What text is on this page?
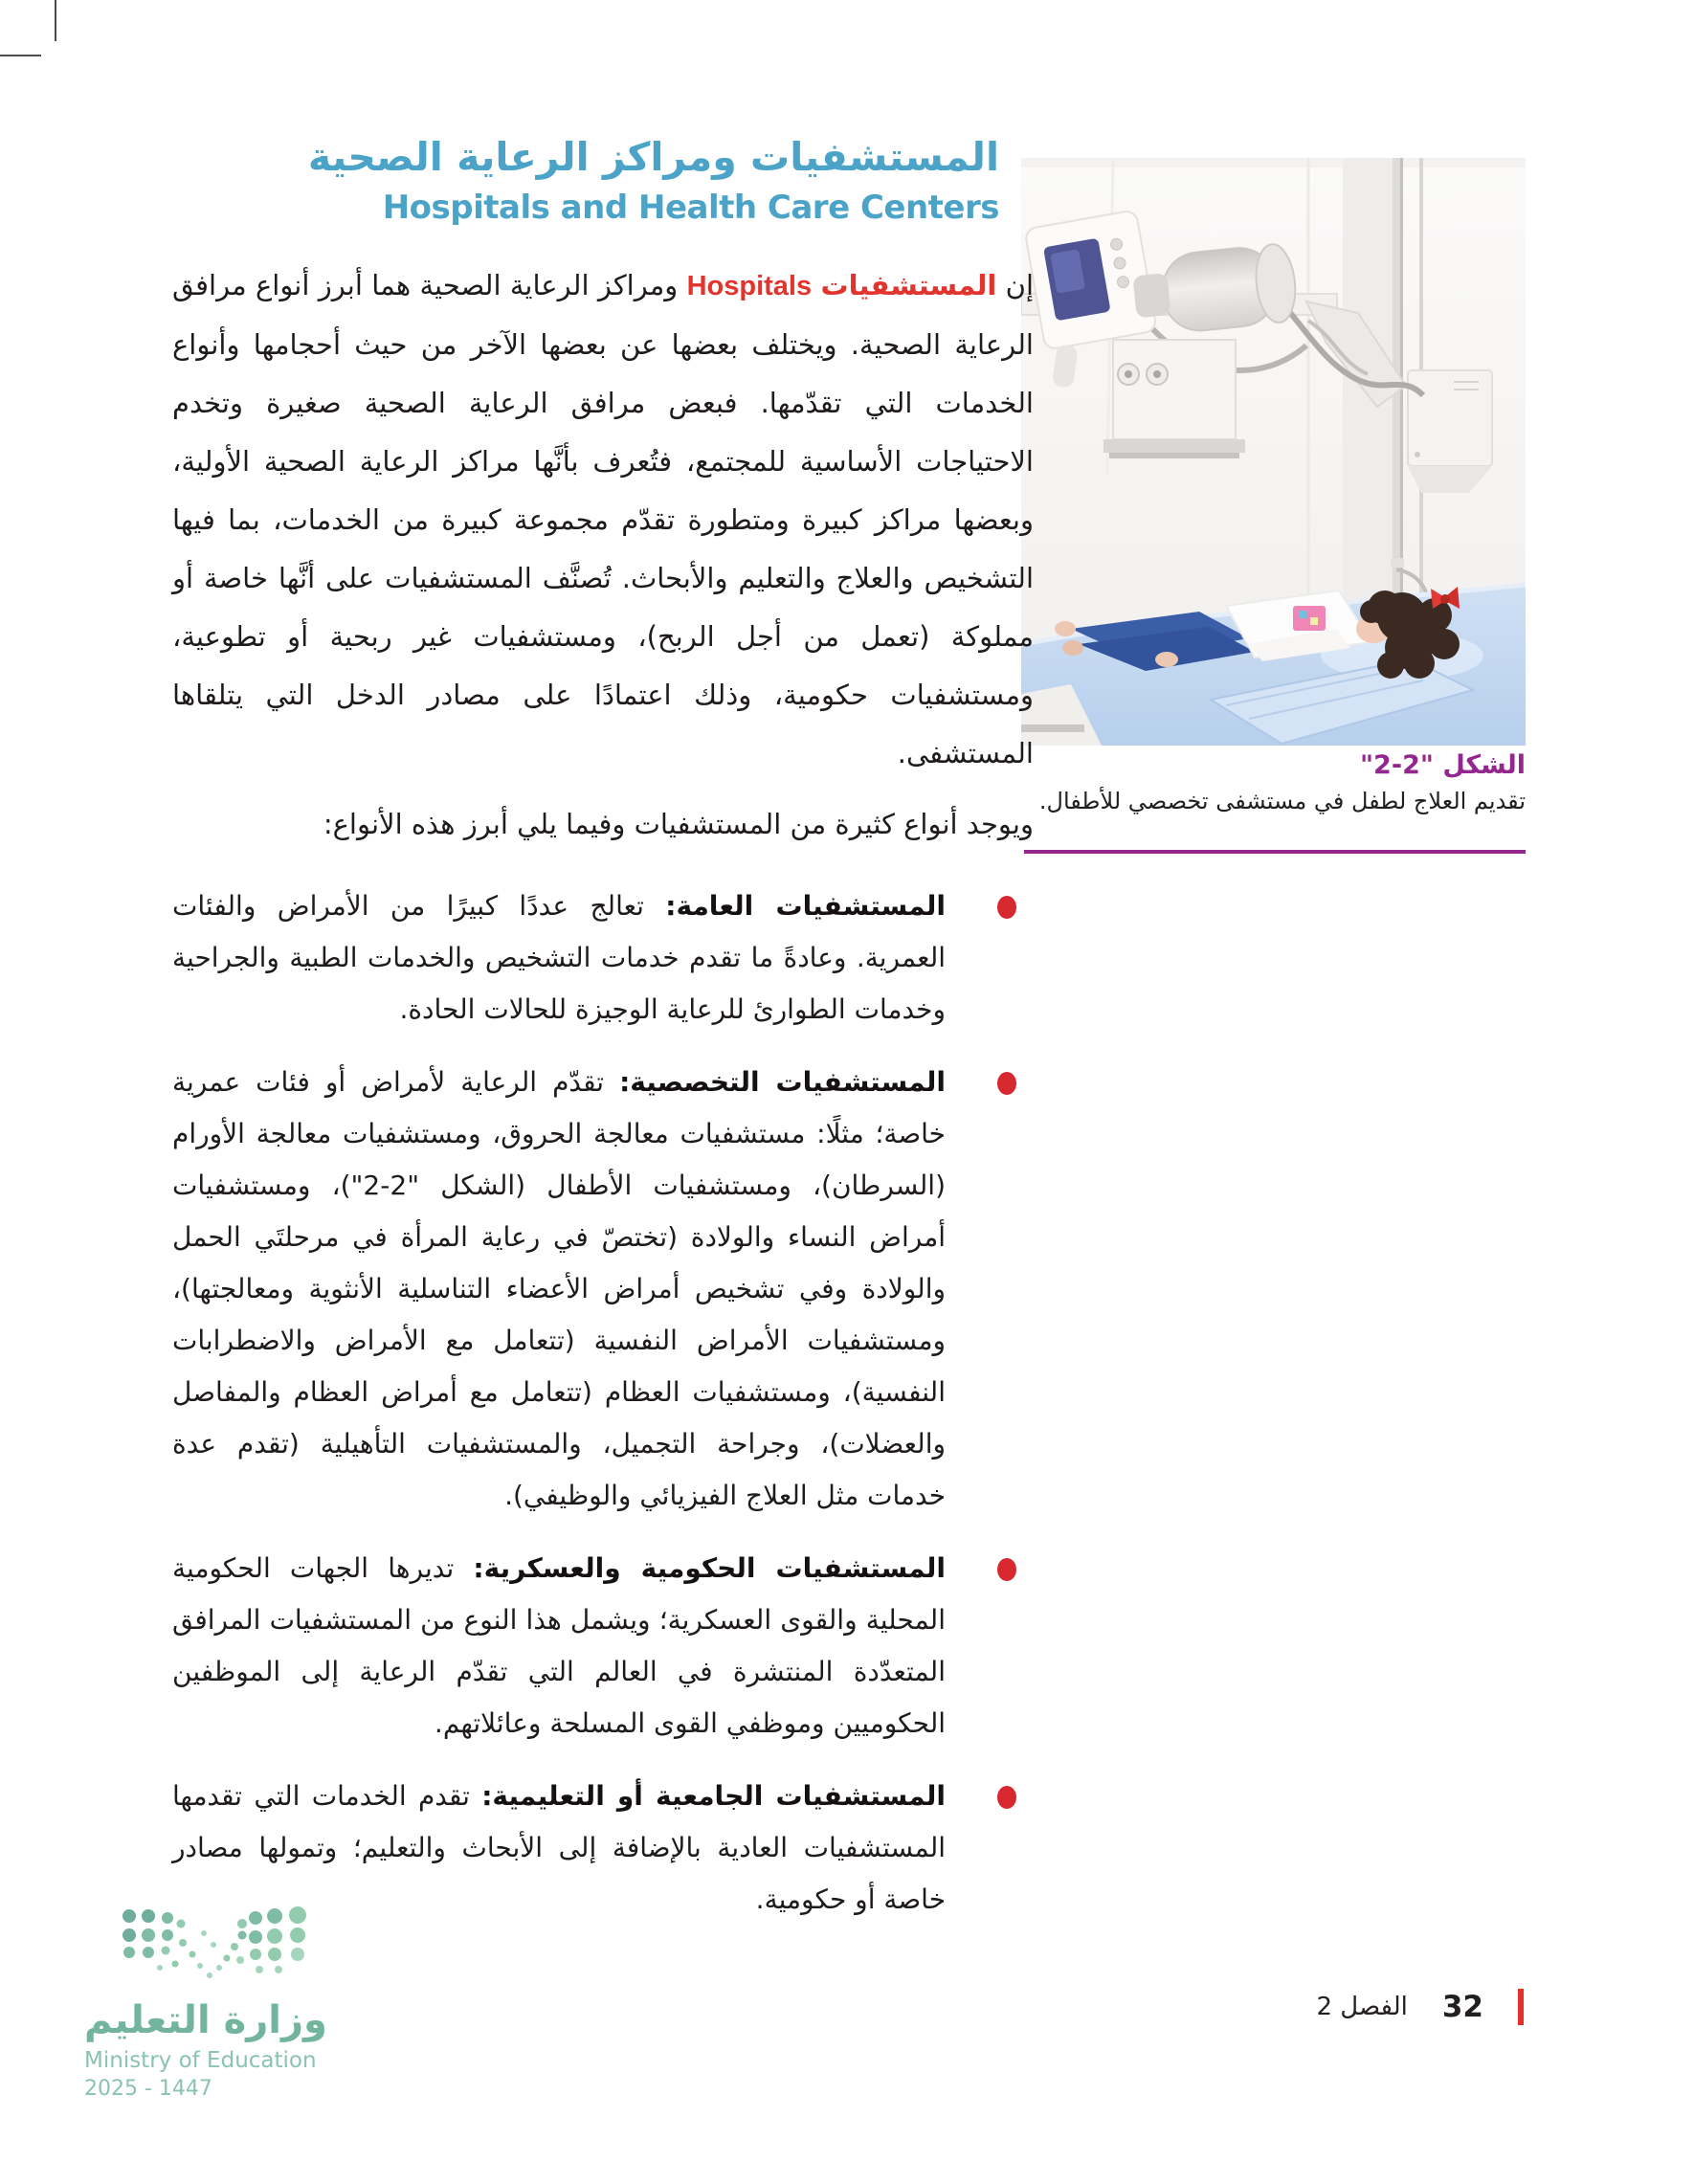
المستشفيات ومراكز الرعاية الصحية
Hospitals and Health Care Centers
الشكل "2-2"
تقديم العلاج لطفل في مستشفى تخصصي للأطفال.

إن المستشفيات Hospitals ومراكز الرعاية الصحية هما أبرز أنواع مرافق الرعاية الصحية. ويختلف بعضها عن بعضها الآخر من حيث أحجامها وأنواع الخدمات التي تقدّمها. فبعض مرافق الرعاية الصحية صغيرة وتخدم الاحتياجات الأساسية للمجتمع، فتُعرف بأنَّها مراكز الرعاية الصحية الأولية، وبعضها مراكز كبيرة ومتطورة تقدّم مجموعة كبيرة من الخدمات، بما فيها التشخيص والعلاج والتعليم والأبحاث. تُصنَّف المستشفيات على أنَّها خاصة أو مملوكة (تعمل من أجل الربح)، ومستشفيات غير ربحية أو تطوعية، ومستشفيات حكومية، وذلك اعتمادًا على مصادر الدخل التي يتلقاها المستشفى.

ويوجد أنواع كثيرة من المستشفيات وفيما يلي أبرز هذه الأنواع:

المستشفيات العامة: تعالج عددًا كبيرًا من الأمراض والفئات العمرية. وعادةً ما تقدم خدمات التشخيص والخدمات الطبية والجراحية وخدمات الطوارئ للرعاية الوجيزة للحالات الحادة.
المستشفيات التخصصية: تقدّم الرعاية لأمراض أو فئات عمرية خاصة؛ مثلًا: مستشفيات معالجة الحروق، ومستشفيات معالجة الأورام (السرطان)، ومستشفيات الأطفال (الشكل "2-2")، ومستشفيات أمراض النساء والولادة (تختصّ في رعاية المرأة في مرحلتَي الحمل والولادة وفي تشخيص أمراض الأعضاء التناسلية الأنثوية ومعالجتها)، ومستشفيات الأمراض النفسية (تتعامل مع الأمراض والاضطرابات النفسية)، ومستشفيات العظام (تتعامل مع أمراض العظام والمفاصل والعضلات)، وجراحة التجميل، والمستشفيات التأهيلية (تقدم عدة خدمات مثل العلاج الفيزيائي والوظيفي).
المستشفيات الحكومية والعسكرية: تديرها الجهات الحكومية المحلية والقوى العسكرية؛ ويشمل هذا النوع من المستشفيات المرافق المتعدّدة المنتشرة في العالم التي تقدّم الرعاية إلى الموظفين الحكوميين وموظفي القوى المسلحة وعائلاتهم.
المستشفيات الجامعية أو التعليمية: تقدم الخدمات التي تقدمها المستشفيات العادية بالإضافة إلى الأبحاث والتعليم؛ وتمولها مصادر خاصة أو حكومية.
وزارة التعليم
Ministry of Education
2025 - 1447
32
الفصل 2
